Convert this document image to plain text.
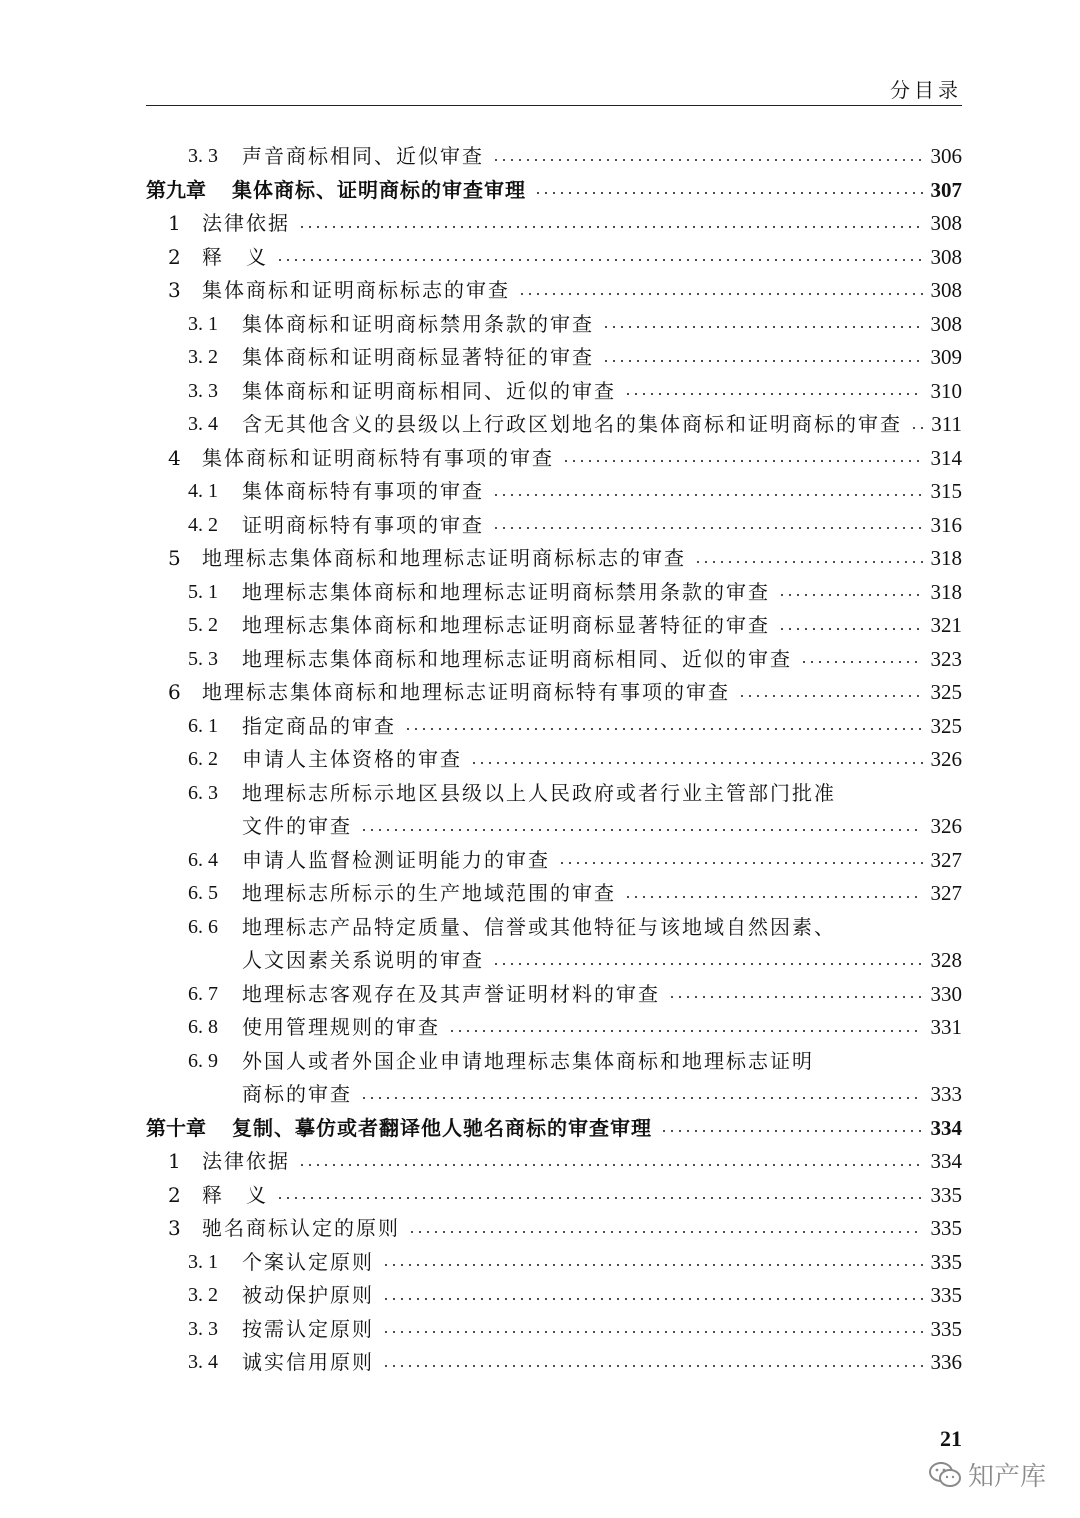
分目录
3. 3	声音商标相同、近似审查	306
第九章	集体商标、证明商标的审查审理	307
1	法律依据	308
2	释　义	308
3	集体商标和证明商标标志的审查	308
3. 1	集体商标和证明商标禁用条款的审查	308
3. 2	集体商标和证明商标显著特征的审查	309
3. 3	集体商标和证明商标相同、近似的审查	310
3. 4	含无其他含义的县级以上行政区划地名的集体商标和证明商标的审查 311
4	集体商标和证明商标特有事项的审查	314
4. 1	集体商标特有事项的审查	315
4. 2	证明商标特有事项的审查	316
5	地理标志集体商标和地理标志证明商标标志的审查	318
5. 1	地理标志集体商标和地理标志证明商标禁用条款的审查	318
5. 2	地理标志集体商标和地理标志证明商标显著特征的审查	321
5. 3	地理标志集体商标和地理标志证明商标相同、近似的审查	323
6	地理标志集体商标和地理标志证明商标特有事项的审查	325
6. 1	指定商品的审查	325
6. 2	申请人主体资格的审查	326
6. 3	地理标志所标示地区县级以上人民政府或者行业主管部门批准
文件的审查	326
6. 4	申请人监督检测证明能力的审查	327
6. 5	地理标志所标示的生产地域范围的审查	327
6. 6	地理标志产品特定质量、信誉或其他特征与该地域自然因素、
人文因素关系说明的审查	328
6. 7	地理标志客观存在及其声誉证明材料的审查	330
6. 8	使用管理规则的审查	331
6. 9	外国人或者外国企业申请地理标志集体商标和地理标志证明
商标的审查	333
第十章	复制、摹仿或者翻译他人驰名商标的审查审理	334
1	法律依据	334
2	释　义	335
3	驰名商标认定的原则	335
3. 1	个案认定原则	335
3. 2	被动保护原则	335
3. 3	按需认定原则	335
3. 4	诚实信用原则	336
21
知产库
